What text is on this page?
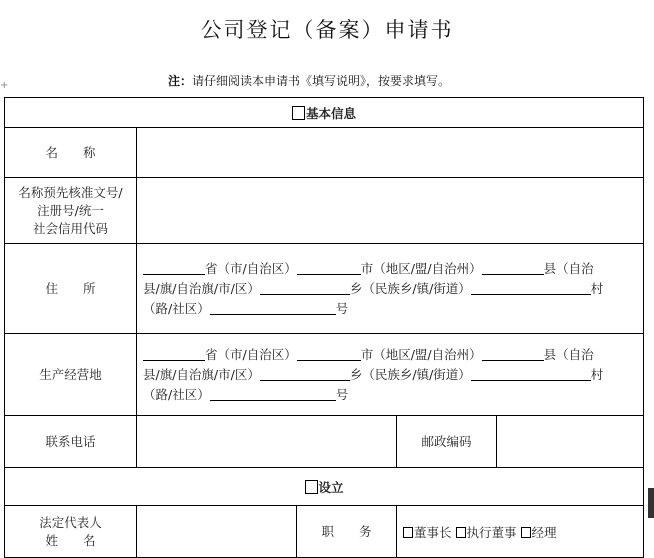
公司登记（备案）申请书
+	注：请仔细阅读本申请书《填写说明》，按要求填写。
基本信息				
名　　称				

名称预先核准文号/
注册号/统一
社会信用代码				

住　　所	省（市/自治区） 市（地区/盟/自治州） 县（自治
县/旗/自治旗/市/区） 乡（民族乡/镇/街道） 村
（路/社区） 号			

生产经营地	省（市/自治区） 市（地区/盟/自治州） 县（自治
县/旗/自治旗/市/区） 乡（民族乡/镇/街道） 村
（路/社区） 号			

联系电话			邮政编码	
设立				

法定代表人
姓　　名		职　　务	董事长 执行董事 经理	
